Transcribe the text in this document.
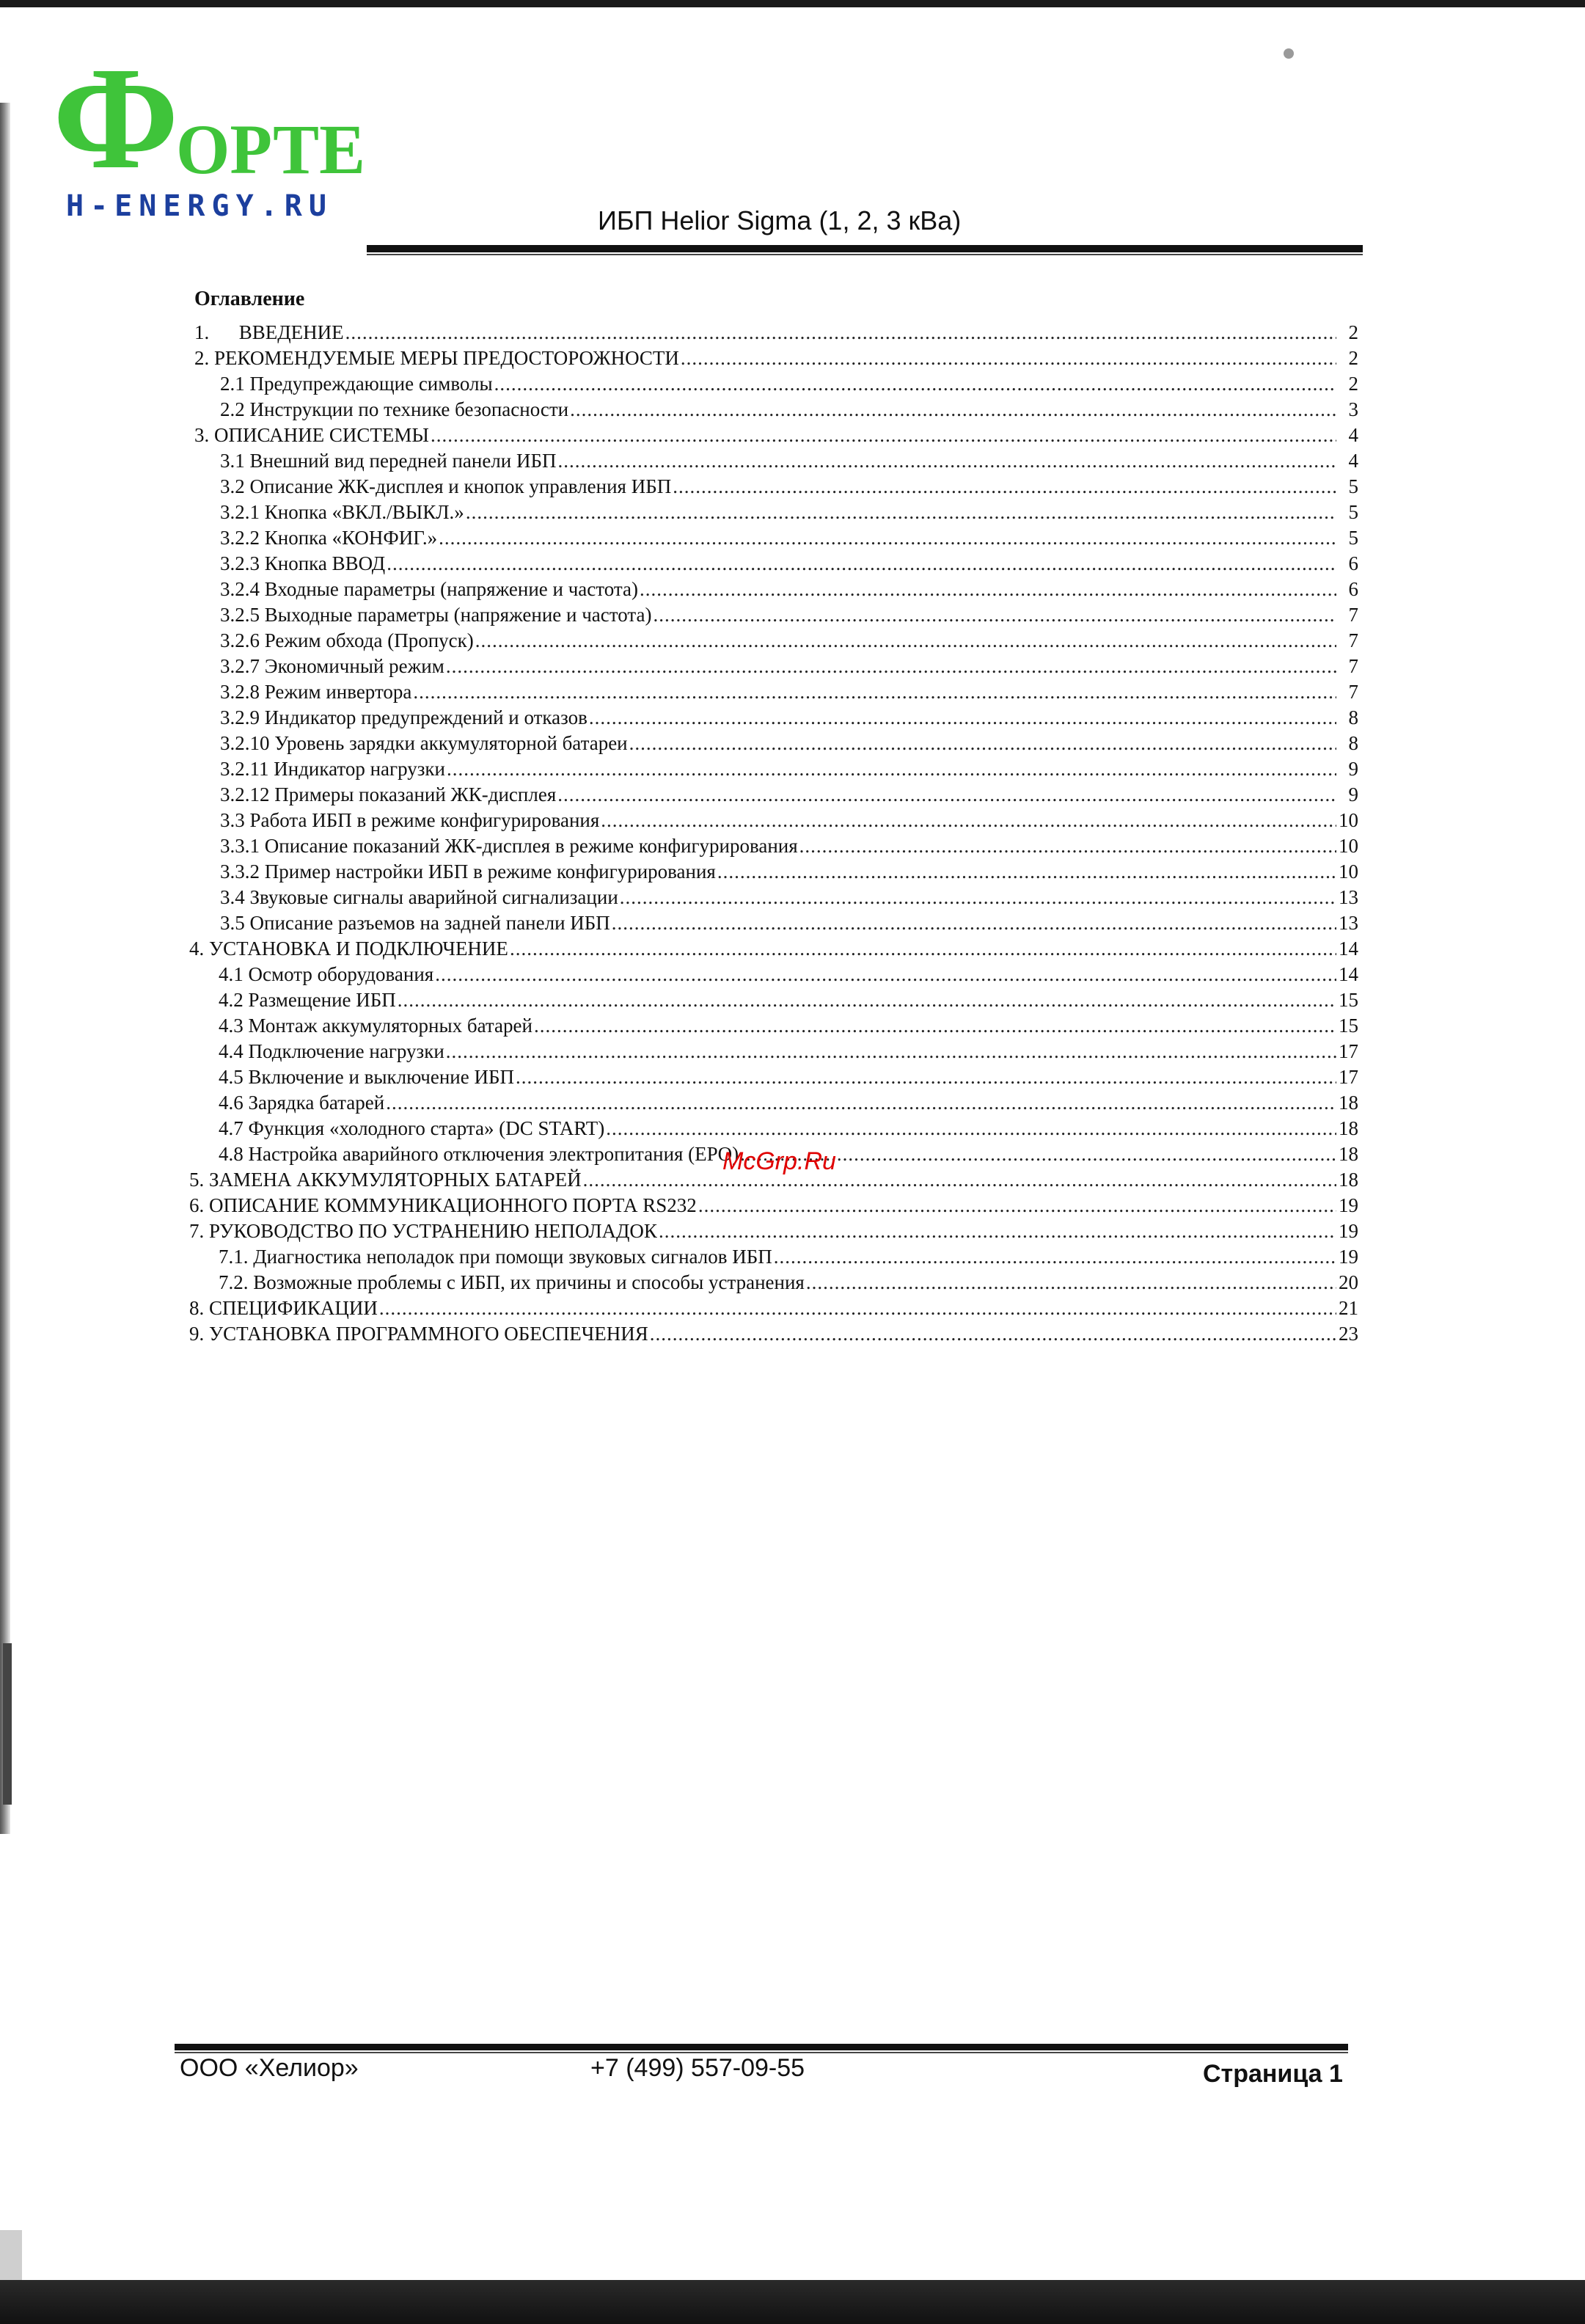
Ф
ОРТЕ
H-ENERGY.RU	ИБП Helior Sigma (1, 2, 3 кВа)
Оглавление
1.      ВВЕДЕНИЕ .....	2
2. РЕКОМЕНДУЕМЫЕ МЕРЫ ПРЕДОСТОРОЖНОСТИ .....	2
2.1 Предупреждающие символы .....	2
2.2 Инструкции по технике безопасности .....	3
3. ОПИСАНИЕ СИСТЕМЫ .....	4
3.1 Внешний вид передней панели ИБП .....	4
3.2 Описание ЖК-дисплея и кнопок управления ИБП .....	5
3.2.1 Кнопка «ВКЛ./ВЫКЛ.» .....	5
3.2.2 Кнопка «КОНФИГ.» .....	5
3.2.3 Кнопка ВВОД .....	6
3.2.4 Входные параметры (напряжение и частота) .....	6
3.2.5 Выходные параметры (напряжение и частота) .....	7
3.2.6 Режим обхода (Пропуск) .....	7
3.2.7 Экономичный режим .....	7
3.2.8 Режим инвертора .....	7
3.2.9 Индикатор предупреждений и отказов .....	8
3.2.10 Уровень зарядки аккумуляторной батареи .....	8
3.2.11 Индикатор нагрузки .....	9
3.2.12 Примеры показаний ЖК-дисплея .....	9
3.3 Работа ИБП в режиме конфигурирования .....	10
3.3.1 Описание показаний ЖК-дисплея в режиме конфигурирования .....	10
3.3.2 Пример настройки ИБП в режиме конфигурирования .....	10
3.4 Звуковые сигналы аварийной сигнализации .....	13
3.5 Описание разъемов на задней панели ИБП .....	13
4. УСТАНОВКА И ПОДКЛЮЧЕНИЕ .....	14
4.1 Осмотр оборудования .....	14
4.2 Размещение ИБП .....	15
4.3 Монтаж аккумуляторных батарей .....	15
4.4 Подключение нагрузки .....	17
4.5 Включение и выключение ИБП .....	17
4.6 Зарядка батарей .....	18
4.7 Функция «холодного старта» (DC START) .....	18
4.8 Настройка аварийного отключения электропитания (EPO) .....	18
5. ЗАМЕНА АККУМУЛЯТОРНЫХ БАТАРЕЙ .....	18
6. ОПИСАНИЕ КОММУНИКАЦИОННОГО ПОРТА RS232 .....	19
7. РУКОВОДСТВО ПО УСТРАНЕНИЮ НЕПОЛАДОК .....	19
7.1. Диагностика неполадок при помощи звуковых сигналов ИБП .....	19
7.2. Возможные проблемы с ИБП, их причины и способы устранения .....	20
8. СПЕЦИФИКАЦИИ .....	21
9. УСТАНОВКА ПРОГРАММНОГО ОБЕСПЕЧЕНИЯ .....	23
McGrp.Ru
ООО «Хелиор»	+7 (499) 557-09-55	Страница 1
